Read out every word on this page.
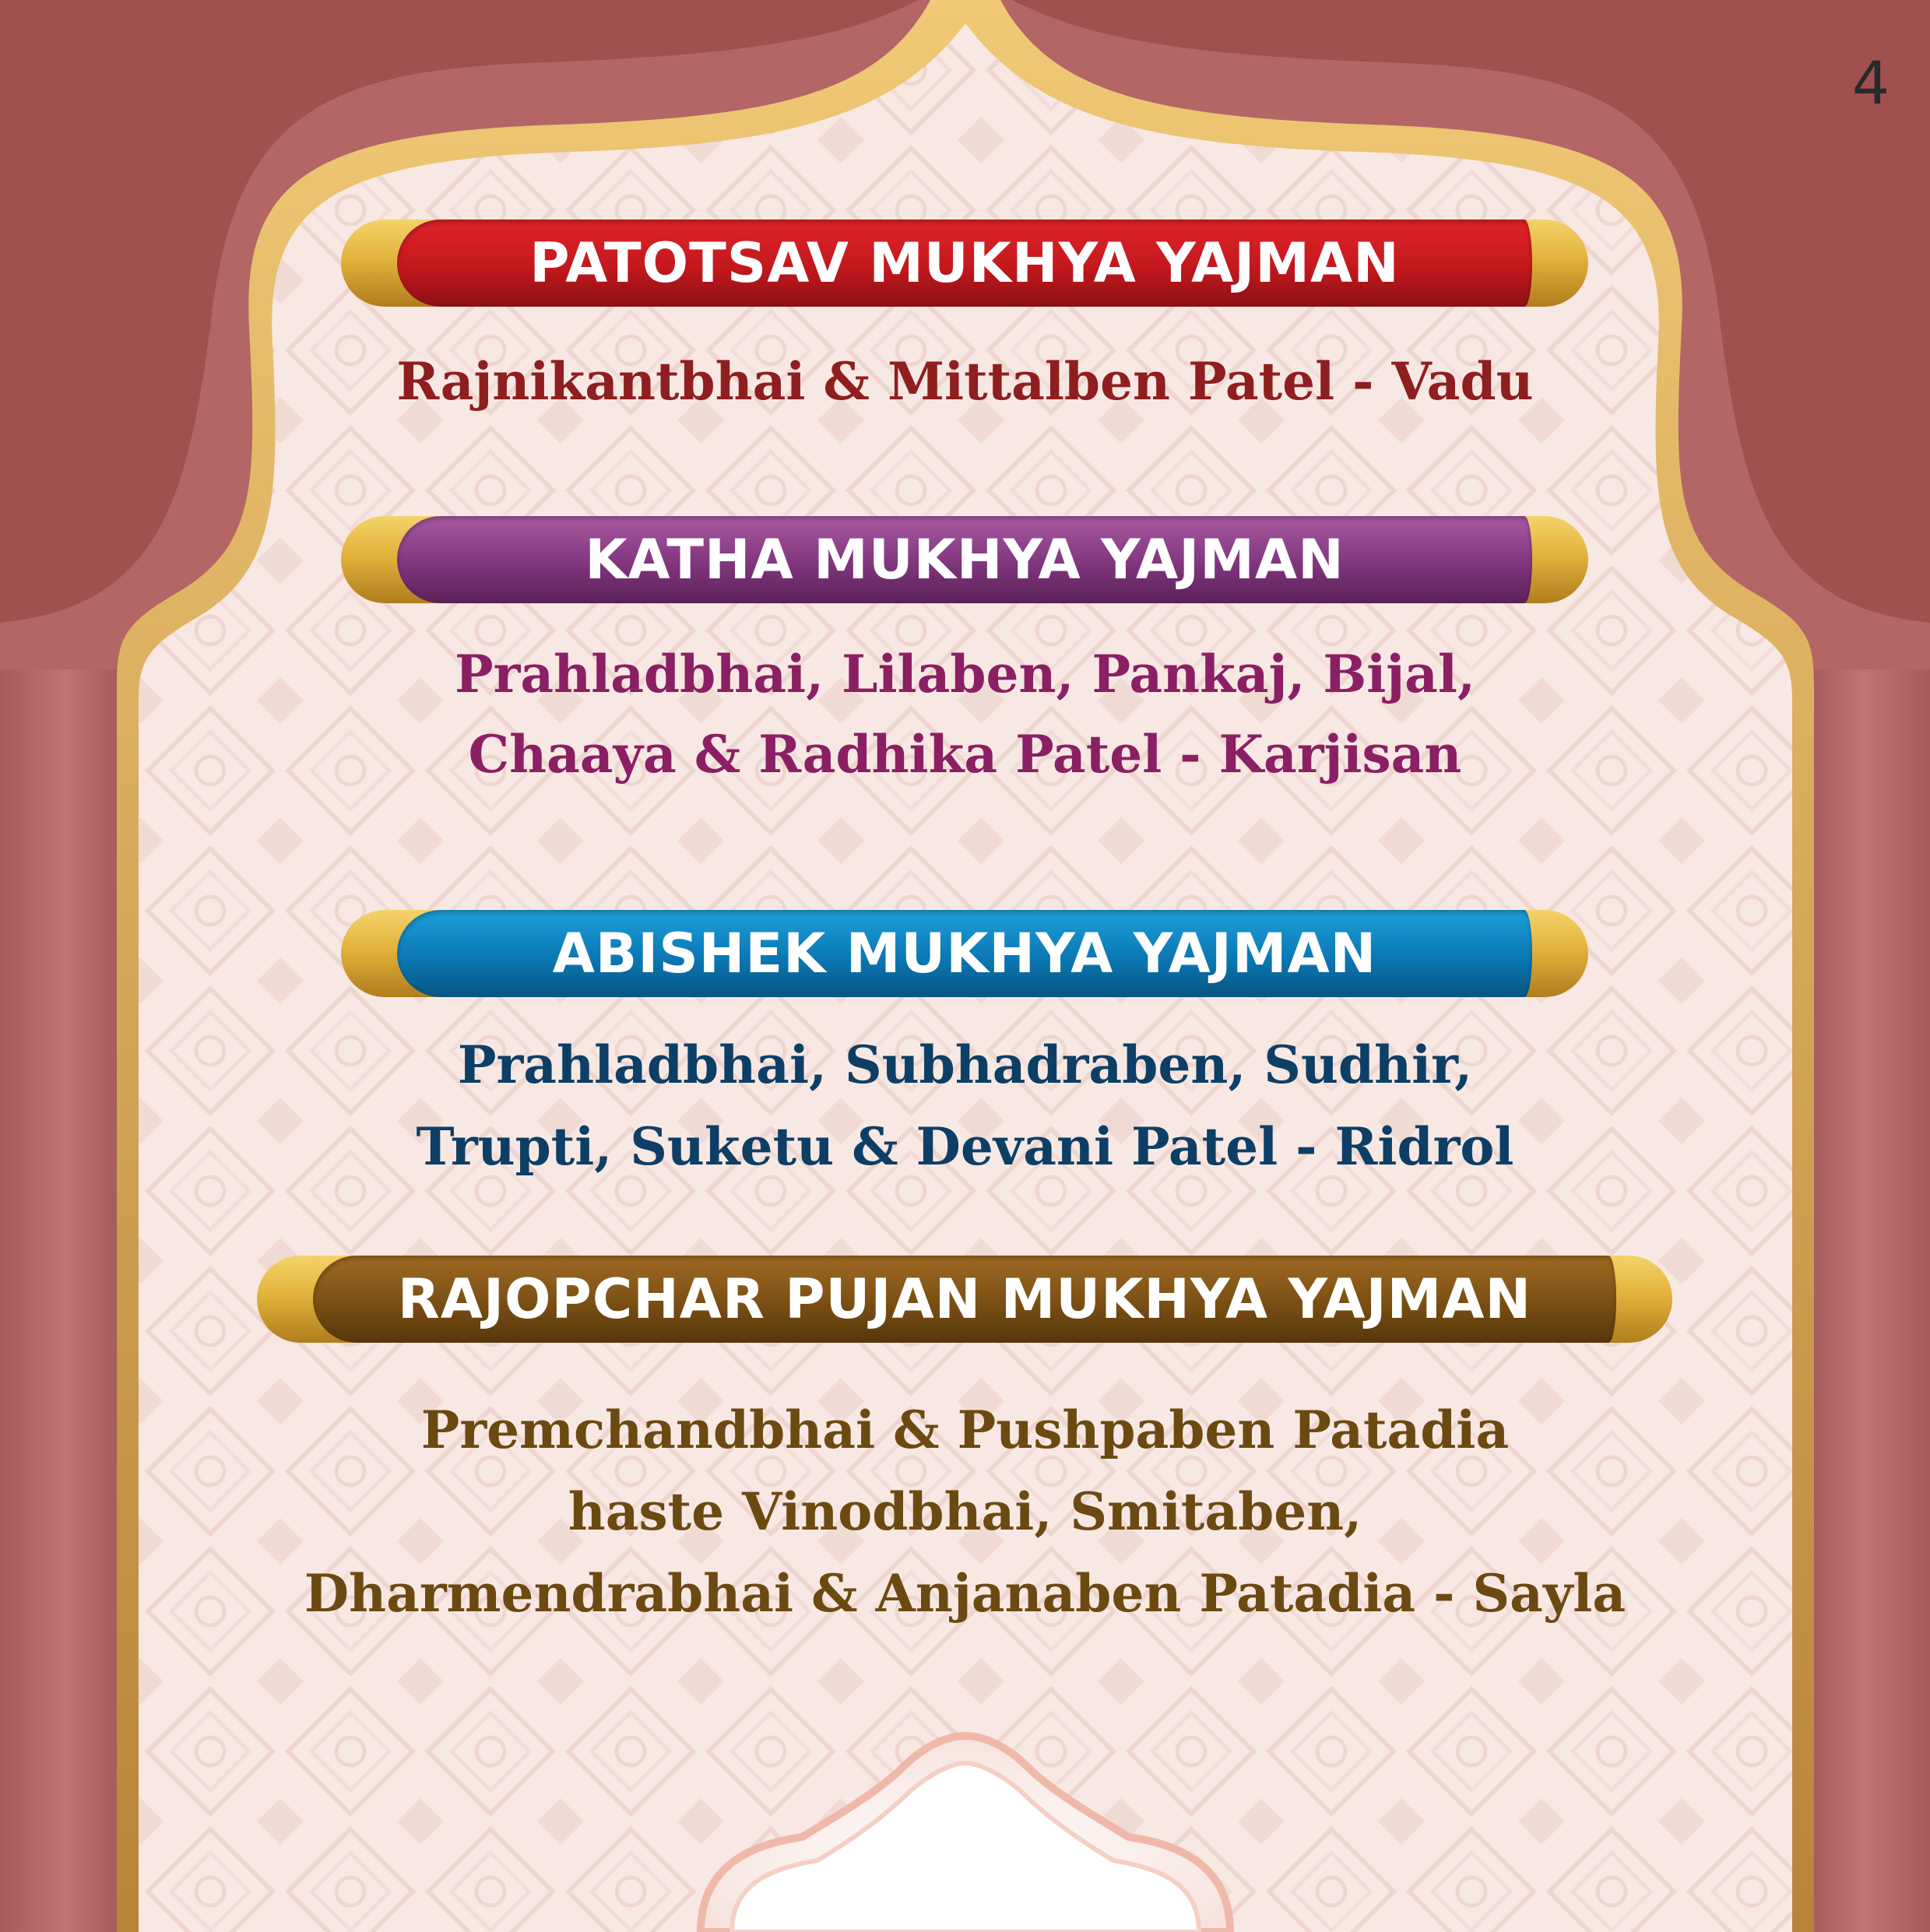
4
PATOTSAV MUKHYA YAJMAN
Rajnikantbhai & Mittalben Patel - Vadu
KATHA MUKHYA YAJMAN
Prahladbhai, Lilaben, Pankaj, Bijal,
Chaaya & Radhika Patel - Karjisan
ABISHEK MUKHYA YAJMAN
Prahladbhai, Subhadraben, Sudhir,
Trupti, Suketu & Devani Patel - Ridrol
RAJOPCHAR PUJAN MUKHYA YAJMAN
Premchandbhai & Pushpaben Patadia
haste Vinodbhai, Smitaben,
Dharmendrabhai & Anjanaben Patadia - Sayla
